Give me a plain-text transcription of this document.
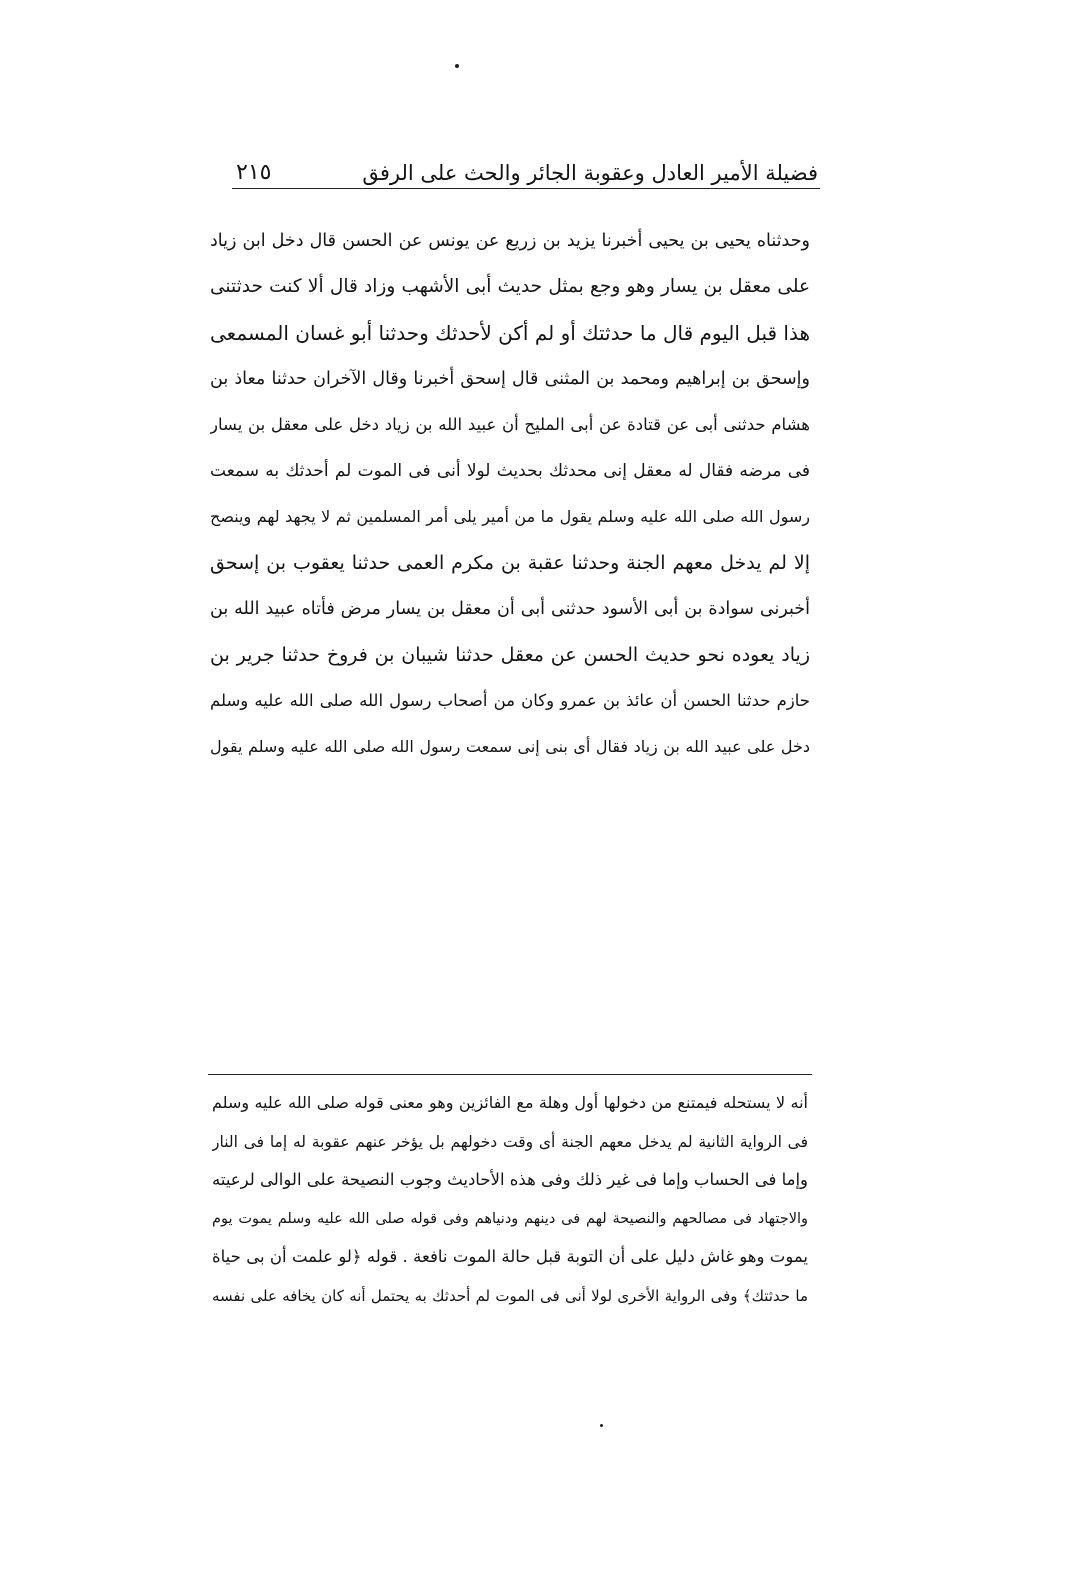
فضيلة الأمير العادل وعقوبة الجائر والحث على الرفق
٢١٥
وحدثناه يحيى بن يحيى أخبرنا يزيد بن زريع عن يونس عن الحسن قال دخل ابن زياد
على معقل بن يسار وهو وجع بمثل حديث أبى الأشهب وزاد قال ألا كنت حدثتنى
هذا قبل اليوم قال ما حدثتك أو لم أكن لأحدثك وحدثنا أبو غسان المسمعى
وإسحق بن إبراهيم ومحمد بن المثنى قال إسحق أخبرنا وقال الآخران حدثنا معاذ بن
هشام حدثنى أبى عن قتادة عن أبى المليح أن عبيد الله بن زياد دخل على معقل بن يسار
فى مرضه فقال له معقل إنى محدثك بحديث لولا أنى فى الموت لم أحدثك به سمعت
رسول الله صلى الله عليه وسلم يقول ما من أمير يلى أمر المسلمين ثم لا يجهد لهم وينصح
إلا لم يدخل معهم الجنة وحدثنا عقبة بن مكرم العمى حدثنا يعقوب بن إسحق
أخبرنى سوادة بن أبى الأسود حدثنى أبى أن معقل بن يسار مرض فأتاه عبيد الله بن
زياد يعوده نحو حديث الحسن عن معقل حدثنا شيبان بن فروخ حدثنا جرير بن
حازم حدثنا الحسن أن عائذ بن عمرو وكان من أصحاب رسول الله صلى الله عليه وسلم
دخل على عبيد الله بن زياد فقال أى بنى إنى سمعت رسول الله صلى الله عليه وسلم يقول
أنه لا يستحله فيمتنع من دخولها أول وهلة مع الفائزين وهو معنى قوله صلى الله عليه وسلم
فى الرواية الثانية لم يدخل معهم الجنة أى وقت دخولهم بل يؤخر عنهم عقوبة له إما فى النار
وإما فى الحساب وإما فى غير ذلك وفى هذه الأحاديث وجوب النصيحة على الوالى لرعيته
والاجتهاد فى مصالحهم والنصيحة لهم فى دينهم ودنياهم وفى قوله صلى الله عليه وسلم يموت يوم
يموت وهو غاش دليل على أن التوبة قبل حالة الموت نافعة . قوله ﴿لو علمت أن بى حياة
ما حدثتك﴾ وفى الرواية الأخرى لولا أنى فى الموت لم أحدثك به يحتمل أنه كان يخافه على نفسه
